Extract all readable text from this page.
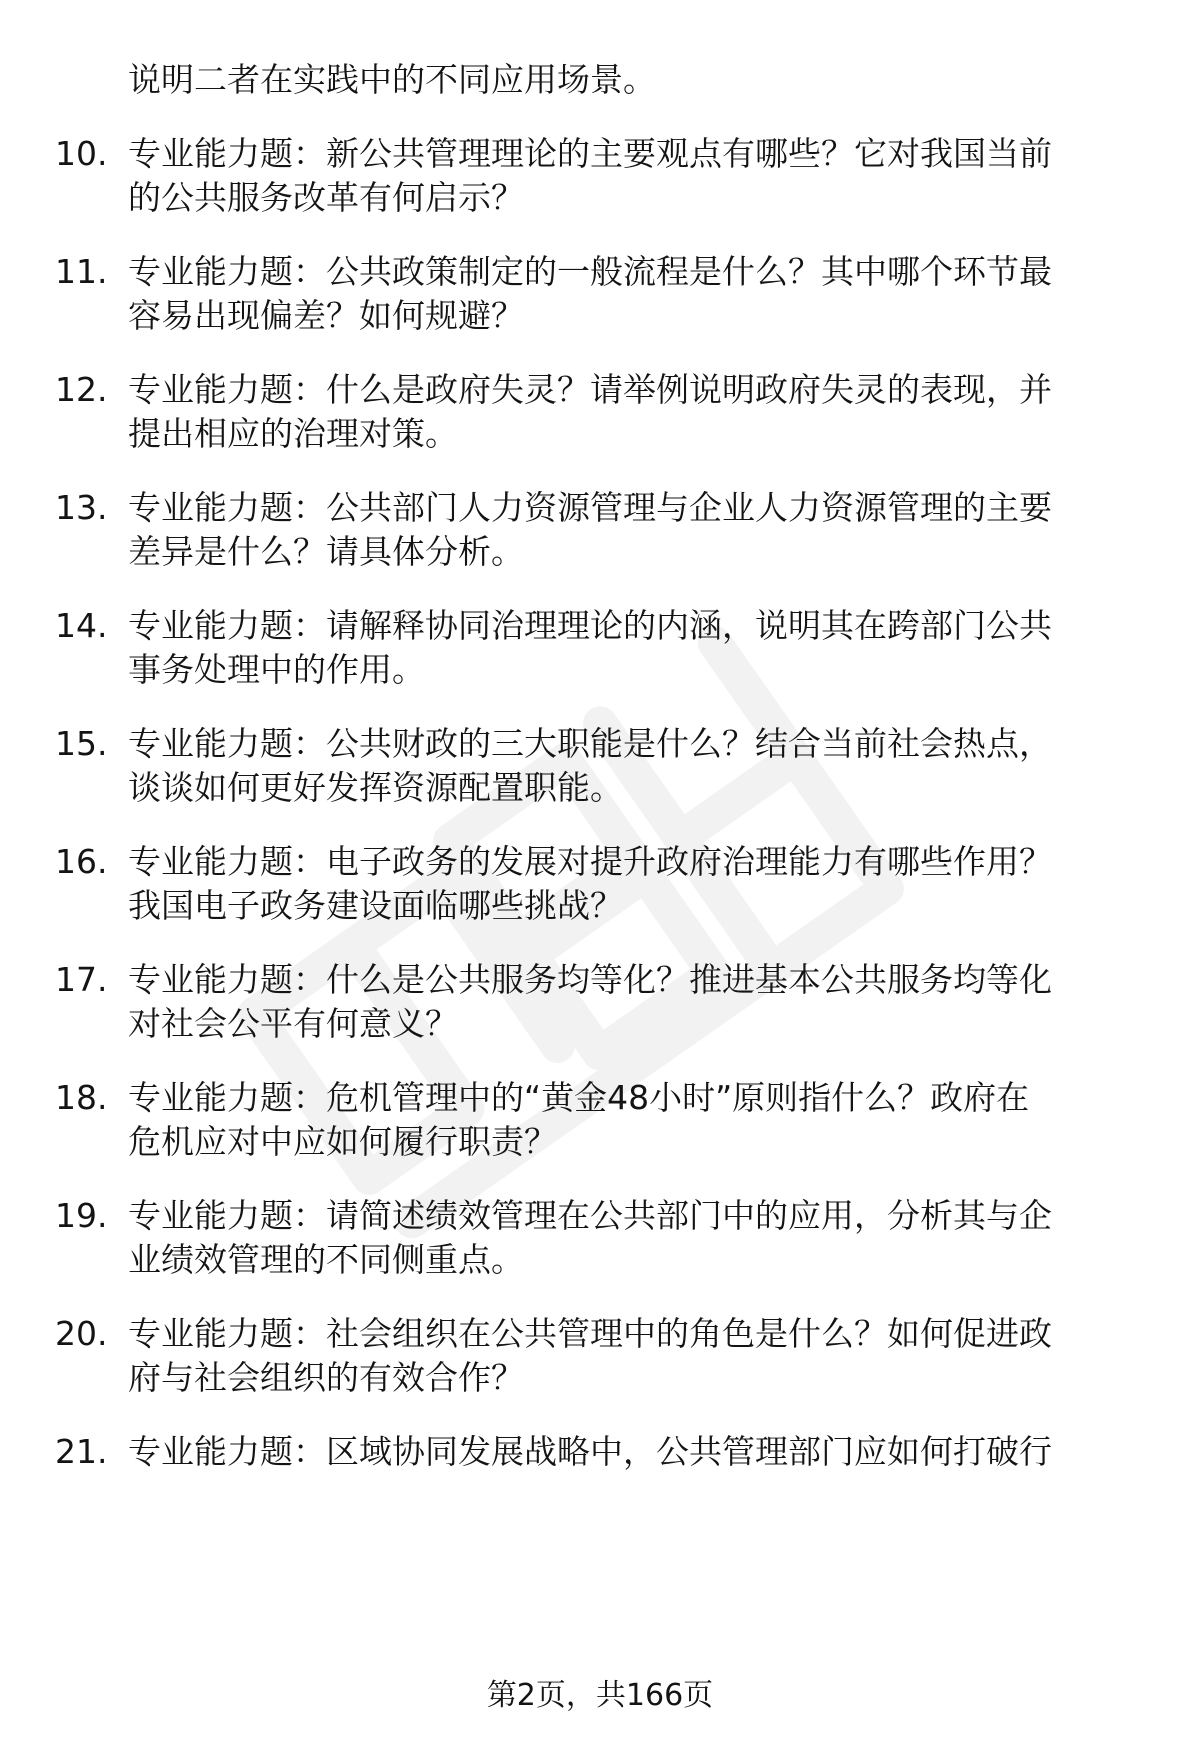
说明二者在实践中的不同应用场景。
10. 专业能力题：新公共管理理论的主要观点有哪些？它对我国当前
的公共服务改革有何启示？
11. 专业能力题：公共政策制定的一般流程是什么？其中哪个环节最
容易出现偏差？如何规避？
12. 专业能力题：什么是政府失灵？请举例说明政府失灵的表现，并
提出相应的治理对策。
13. 专业能力题：公共部门人力资源管理与企业人力资源管理的主要
差异是什么？请具体分析。
14. 专业能力题：请解释协同治理理论的内涵，说明其在跨部门公共
事务处理中的作用。
15. 专业能力题：公共财政的三大职能是什么？结合当前社会热点，
谈谈如何更好发挥资源配置职能。
16. 专业能力题：电子政务的发展对提升政府治理能力有哪些作用？
我国电子政务建设面临哪些挑战？
17. 专业能力题：什么是公共服务均等化？推进基本公共服务均等化
对社会公平有何意义？
18. 专业能力题：危机管理中的“黄金48小时”原则指什么？政府在
危机应对中应如何履行职责？
19. 专业能力题：请简述绩效管理在公共部门中的应用，分析其与企
业绩效管理的不同侧重点。
20. 专业能力题：社会组织在公共管理中的角色是什么？如何促进政
府与社会组织的有效合作？
21. 专业能力题：区域协同发展战略中，公共管理部门应如何打破行
第2页，共166页
